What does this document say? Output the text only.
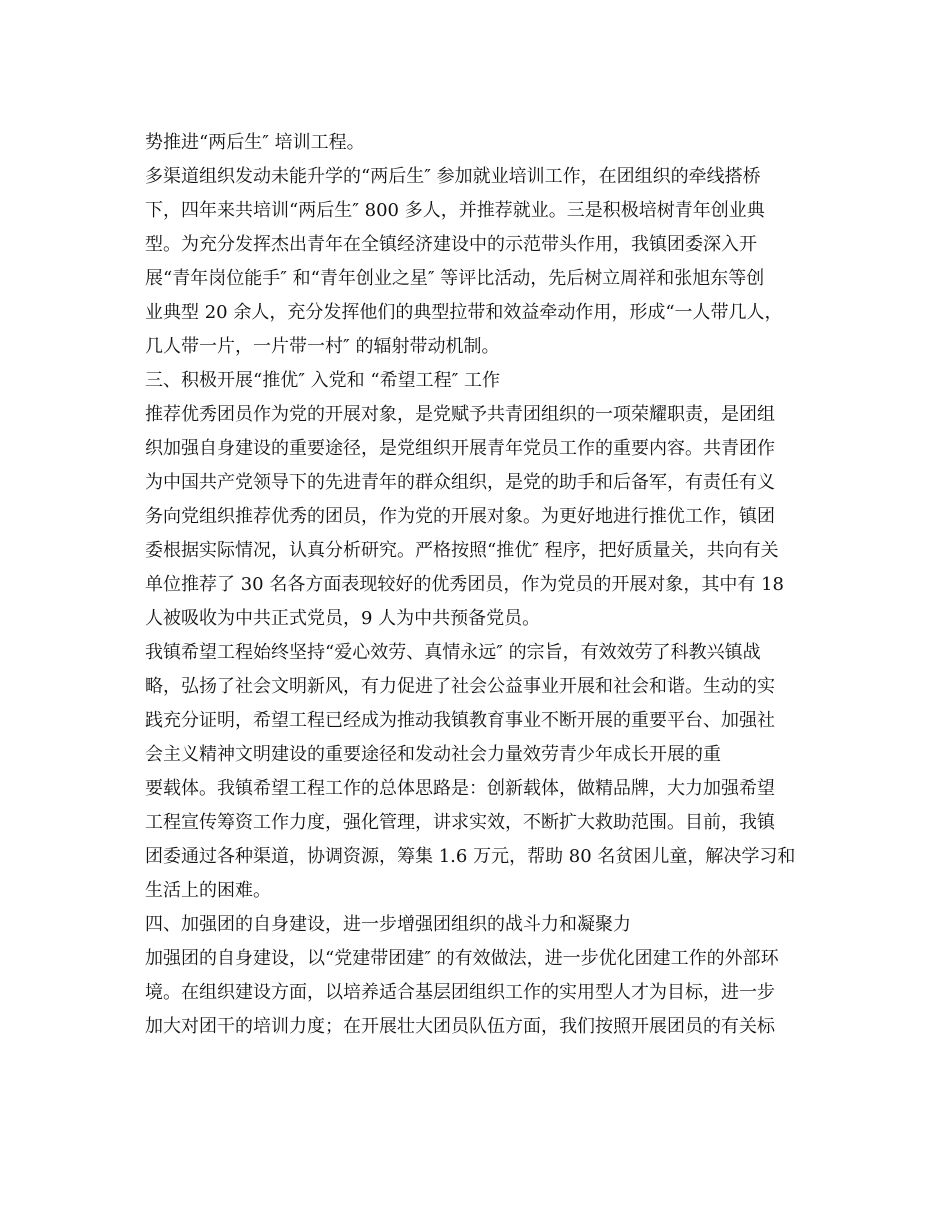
势推进“两后生″ 培训工程。
多渠道组织发动未能升学的“两后生″ 参加就业培训工作，在团组织的牵线搭桥
下，四年来共培训“两后生″ 800 多人，并推荐就业。三是积极培树青年创业典
型。为充分发挥杰出青年在全镇经济建设中的示范带头作用，我镇团委深入开
展“青年岗位能手″ 和“青年创业之星″ 等评比活动，先后树立周祥和张旭东等创
业典型 20 余人，充分发挥他们的典型拉带和效益牵动作用，形成“一人带几人，
几人带一片，一片带一村″ 的辐射带动机制。
三、积极开展“推优″ 入党和 “希望工程″ 工作
推荐优秀团员作为党的开展对象，是党赋予共青团组织的一项荣耀职责，是团组
织加强自身建设的重要途径，是党组织开展青年党员工作的重要内容。共青团作
为中国共产党领导下的先进青年的群众组织，是党的助手和后备军，有责任有义
务向党组织推荐优秀的团员，作为党的开展对象。为更好地进行推优工作，镇团
委根据实际情况，认真分析研究。严格按照“推优″ 程序，把好质量关，共向有关
单位推荐了 30 名各方面表现较好的优秀团员，作为党员的开展对象，其中有 18
人被吸收为中共正式党员，9 人为中共预备党员。
我镇希望工程始终坚持“爱心效劳、真情永远″ 的宗旨，有效效劳了科教兴镇战
略，弘扬了社会文明新风，有力促进了社会公益事业开展和社会和谐。生动的实
践充分证明，希望工程已经成为推动我镇教育事业不断开展的重要平台、加强社
会主义精神文明建设的重要途径和发动社会力量效劳青少年成长开展的重
要载体。我镇希望工程工作的总体思路是：创新载体，做精品牌，大力加强希望
工程宣传筹资工作力度，强化管理，讲求实效，不断扩大救助范围。目前，我镇
团委通过各种渠道，协调资源，筹集 1.6 万元，帮助 80 名贫困儿童，解决学习和
生活上的困难。
四、加强团的自身建设，进一步增强团组织的战斗力和凝聚力
加强团的自身建设，以“党建带团建″ 的有效做法，进一步优化团建工作的外部环
境。在组织建设方面，以培养适合基层团组织工作的实用型人才为目标，进一步
加大对团干的培训力度；在开展壮大团员队伍方面，我们按照开展团员的有关标
